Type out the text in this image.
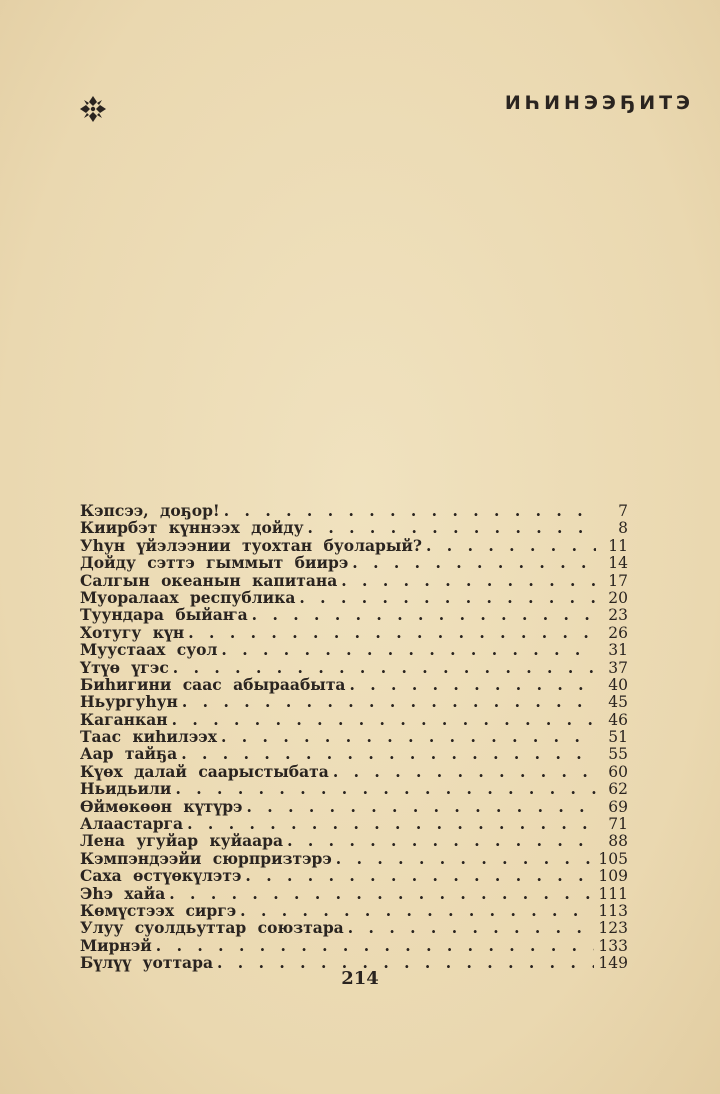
ИҺИНЭЭҔИТЭ
Кэпсээ, доҕор! . . .	7
Киирбэт күннээх дойду . . .	8
Уһун үйэлээнии туохтан буоларый? . . .	11
Дойду сэттэ гыммыт биирэ . . .	14
Салгын океанын капитана . . .	17
Муоралаах республика . . .	20
Туундара быйаҥа . . .	23
Хотугу күн . . .	26
Муустаах суол . . .	31
Үтүө үгэс . . .	37
Биһигини саас абыраабыта . . .	40
Ньургуһун . . .	45
Каганкан . . .	46
Таас киһилээх . . .	51
Аар тайҕа . . .	55
Күөх далай саарыстыбата . . .	60
Ньидьили . . .	62
Өймөкөөн күтүрэ . . .	69
Алаастарга . . .	71
Лена угуйар куйаара . . .	88
Кэмпэндээйи сюрпризтэрэ . . .	105
Саха өстүөкүлэтэ . . .	109
Эһэ хайа . . .	111
Көмүстээх сиргэ . . .	113
Улуу суолдьуттар союзтара . . .	123
Мирнэй . . .	133
Бүлүү уоттара . . .	149
214
